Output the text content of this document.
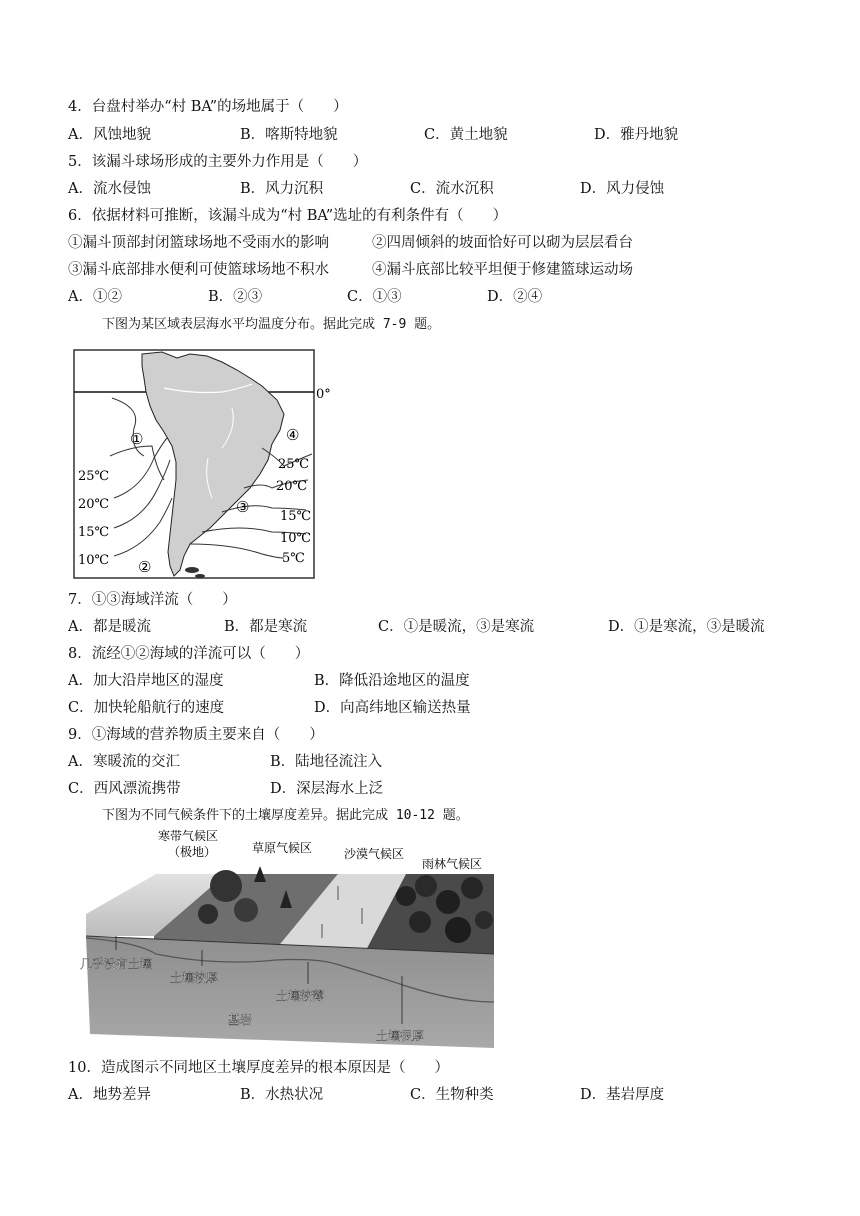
4．台盘村举办“村 BA”的场地属于（　　）
A．风蚀地貌	B．喀斯特地貌	C．黄土地貌	D．雅丹地貌
5．该漏斗球场形成的主要外力作用是（　　）
A．流水侵蚀	B．风力沉积	C．流水沉积	D．风力侵蚀
6．依据材料可推断，该漏斗成为“村 BA”选址的有利条件有（　　）
①漏斗顶部封闭篮球场地不受雨水的影响	②四周倾斜的坡面恰好可以砌为层层看台
③漏斗底部排水便利可使篮球场地不积水	④漏斗底部比较平坦便于修建篮球运动场
A．①②	B．②③	C．①③	D．②④
下图为某区域表层海水平均温度分布。据此完成 7-9 题。
0°
25℃
20℃
15℃
10℃
25℃
20℃
15℃
10℃
5℃
①
②
③
④
7．①③海域洋流（　　）
A．都是暖流	B．都是寒流	C．①是暖流，③是寒流	D．①是寒流，③是暖流
8．流经①②海域的洋流可以（　　）
A．加大沿岸地区的湿度	B．降低沿途地区的温度
C．加快轮船航行的速度	D．向高纬地区输送热量
9．①海域的营养物质主要来自（　　）
A．寒暖流的交汇	B．陆地径流注入
C．西风漂流携带	D．深层海水上泛
下图为不同气候条件下的土壤厚度差异。据此完成 10-12 题。
寒带气候区
（极地）	草原气候区	沙漠气候区
雨林气候区
几乎没有土壤
土壤较厚
土壤较薄
基岩
土壤很厚
10．造成图示不同地区土壤厚度差异的根本原因是（　　）
A．地势差异	B．水热状况	C．生物种类	D．基岩厚度
